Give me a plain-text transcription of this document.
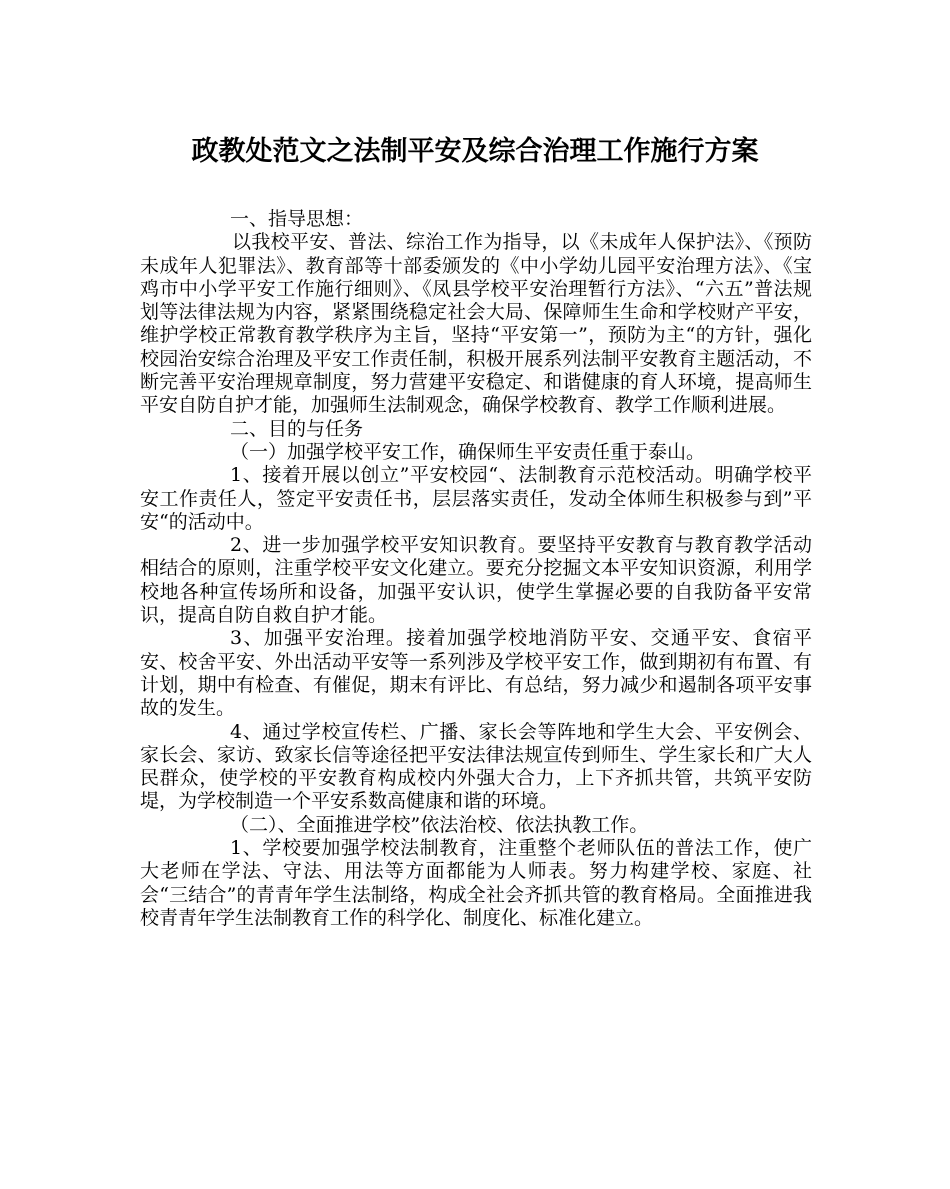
政教处范文之法制平安及综合治理工作施行方案

一、指导思想：

以我校平安、普法、综治工作为指导，以《未成年人保护法》、《预防未成年人犯罪法》、教育部等十部委颁发的《中小学幼儿园平安治理方法》、《宝鸡市中小学平安工作施行细则》、《凤县学校平安治理暂行方法》、“六五”普法规划等法律法规为内容，紧紧围绕稳定社会大局、保障师生生命和学校财产平安，维护学校正常教育教学秩序为主旨，坚持“平安第一”，预防为主“的方针，强化校园治安综合治理及平安工作责任制，积极开展系列法制平安教育主题活动，不断完善平安治理规章制度，努力营建平安稳定、和谐健康的育人环境，提高师生平安自防自护才能，加强师生法制观念，确保学校教育、教学工作顺利进展。

二、目的与任务

（一）加强学校平安工作，确保师生平安责任重于泰山。

1、接着开展以创立”平安校园“、法制教育示范校活动。明确学校平安工作责任人，签定平安责任书，层层落实责任，发动全体师生积极参与到”平安“的活动中。

2、进一步加强学校平安知识教育。要坚持平安教育与教育教学活动相结合的原则，注重学校平安文化建立。要充分挖掘文本平安知识资源，利用学校地各种宣传场所和设备，加强平安认识，使学生掌握必要的自我防备平安常识，提高自防自救自护才能。

3、加强平安治理。接着加强学校地消防平安、交通平安、食宿平安、校舍平安、外出活动平安等一系列涉及学校平安工作，做到期初有布置、有计划，期中有检查、有催促，期末有评比、有总结，努力减少和遏制各项平安事故的发生。

4、通过学校宣传栏、广播、家长会等阵地和学生大会、平安例会、家长会、家访、致家长信等途径把平安法律法规宣传到师生、学生家长和广大人民群众，使学校的平安教育构成校内外强大合力，上下齐抓共管，共筑平安防堤，为学校制造一个平安系数高健康和谐的环境。

（二）、全面推进学校”依法治校、依法执教工作。

1、学校要加强学校法制教育，注重整个老师队伍的普法工作，使广大老师在学法、守法、用法等方面都能为人师表。努力构建学校、家庭、社会“三结合”的青青年学生法制络，构成全社会齐抓共管的教育格局。全面推进我校青青年学生法制教育工作的科学化、制度化、标准化建立。
